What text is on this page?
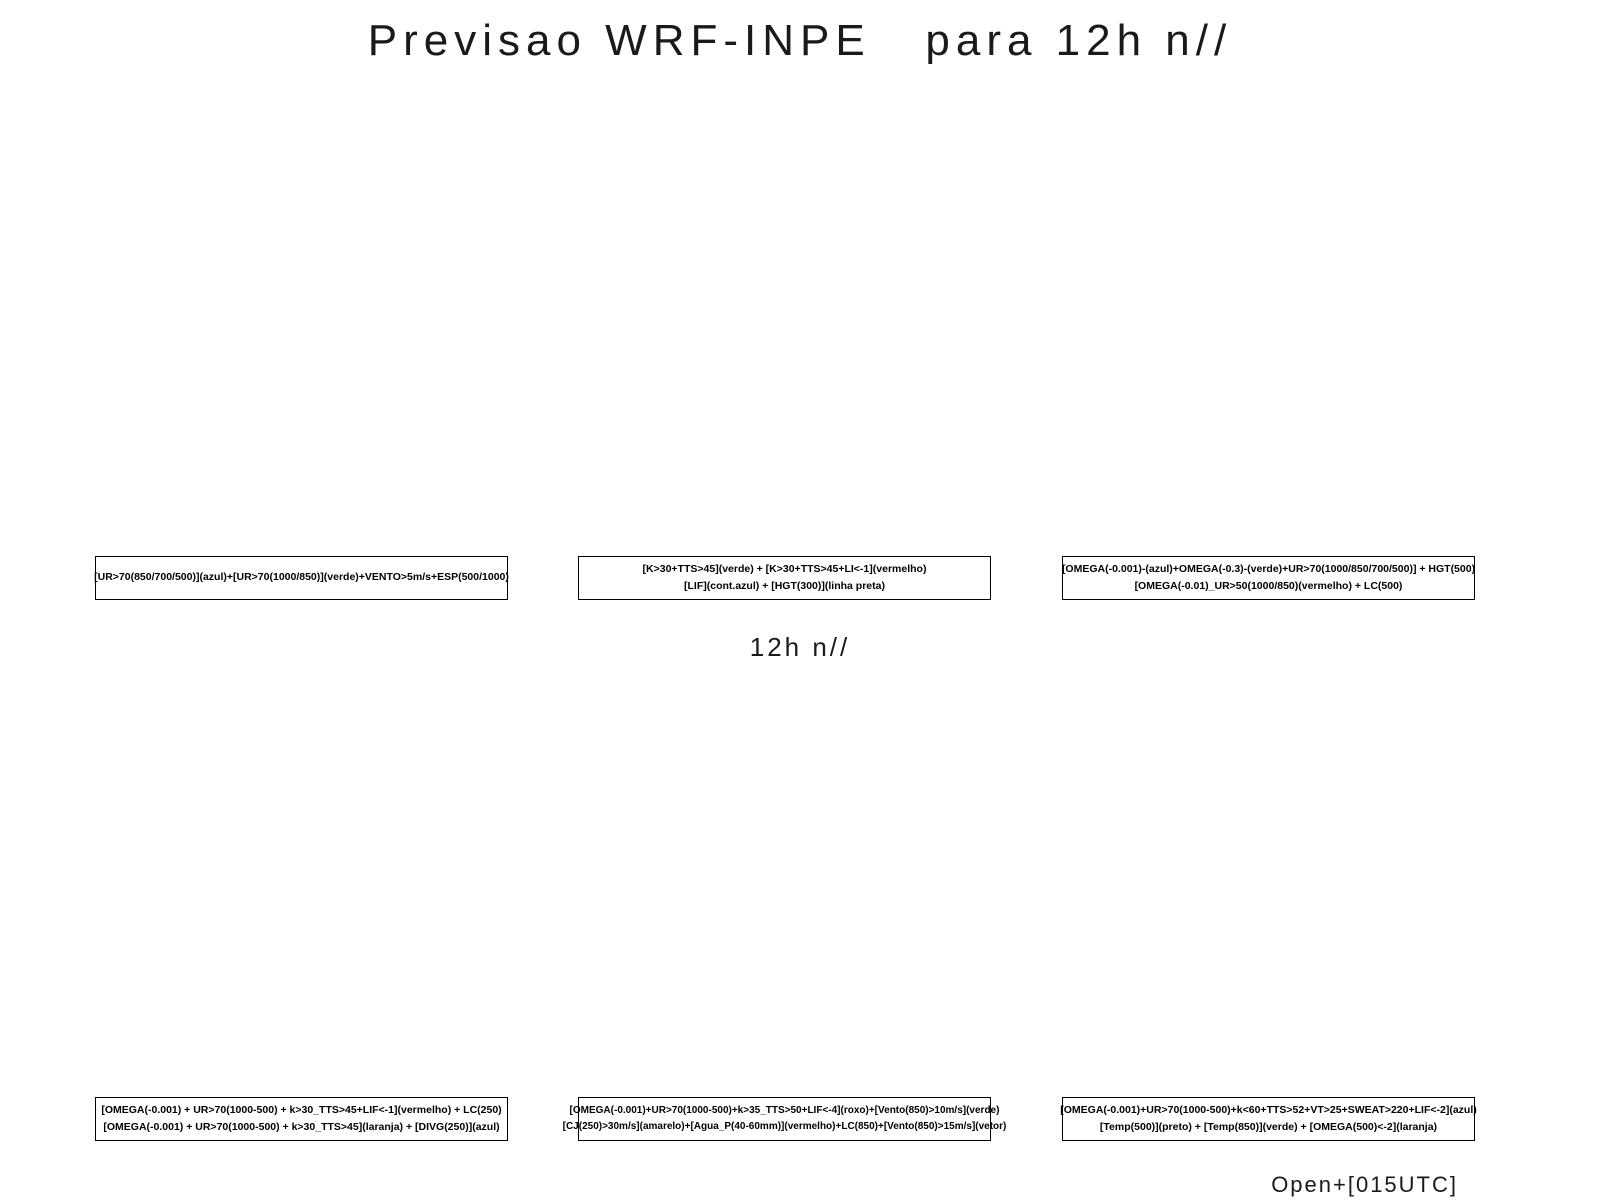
Previsao WRF-INPE   para 12h n//
[UR>70(850/700/500)](azul)+[UR>70(1000/850)](verde)+VENTO>5m/s+ESP(500/1000)
[K>30+TTS>45](verde) + [K>30+TTS>45+LI<-1](vermelho)
[LIF](cont.azul) + [HGT(300)](linha preta)
[OMEGA(-0.001)-(azul)+OMEGA(-0.3)-(verde)+UR>70(1000/850/700/500)] + HGT(500)
[OMEGA(-0.01)_UR>50(1000/850)(vermelho) + LC(500)
12h n//
[OMEGA(-0.001) + UR>70(1000-500) + k>30_TTS>45+LIF<-1](vermelho) + LC(250)
[OMEGA(-0.001) + UR>70(1000-500) + k>30_TTS>45](laranja) + [DIVG(250)](azul)
[OMEGA(-0.001)+UR>70(1000-500)+k>35_TTS>50+LIF<-4](roxo)+[Vento(850)>10m/s](verde)
[CJ(250)>30m/s](amarelo)+[Agua_P(40-60mm)](vermelho)+LC(850)+[Vento(850)>15m/s](vetor)
[OMEGA(-0.001)+UR>70(1000-500)+k<60+TTS>52+VT>25+SWEAT>220+LIF<-2](azul)
[Temp(500)](preto) + [Temp(850)](verde) + [OMEGA(500)<-2](laranja)
Open+[015UTC]
